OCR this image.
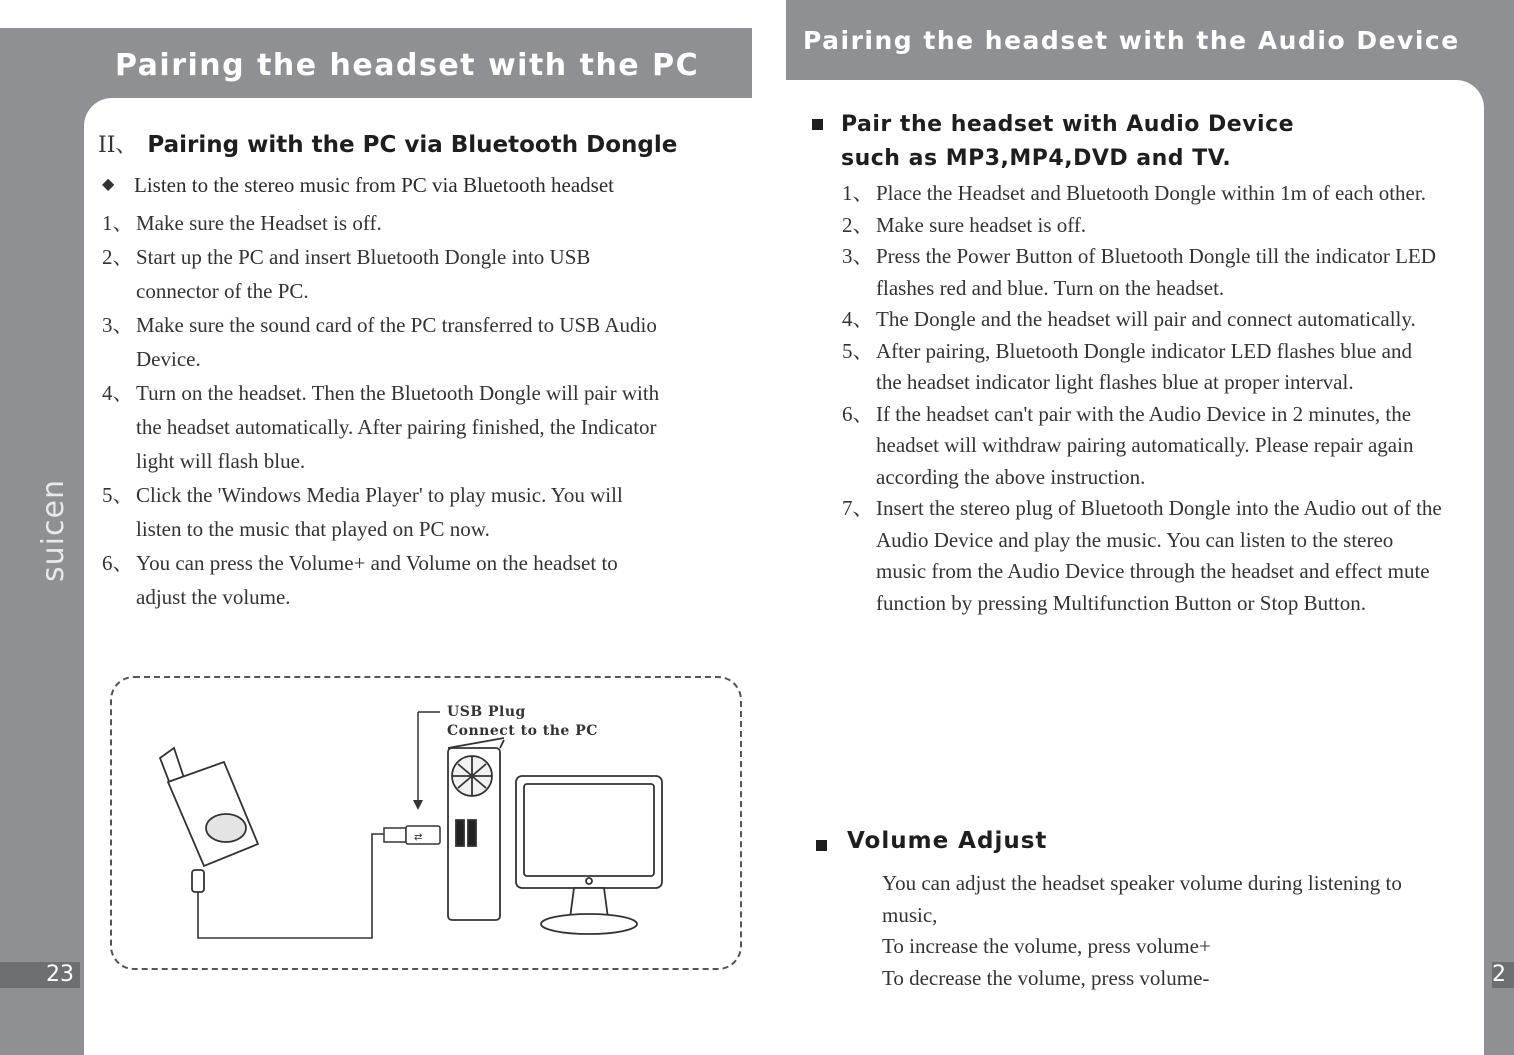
Pairing the headset with the PC
suicen
23
II、 Pairing with the PC via Bluetooth Dongle
◆ Listen to the stereo music from PC via Bluetooth headset
1、 Make sure the Headset is off.
2、 Start up the PC and insert Bluetooth Dongle into USB connector of the PC.
3、 Make sure the sound card of the PC transferred to USB Audio Device.
4、 Turn on the headset. Then the Bluetooth Dongle will pair with the headset automatically. After pairing finished, the Indicator light will flash blue.
5、 Click the 'Windows Media Player' to play music. You will listen to the music that played on PC now.
6、 You can press the Volume+ and Volume on the headset to adjust the volume.
USB Plug
Connect to the PC
⇄
Pairing the headset with the Audio Device
2
Pair the headset with Audio Device
such as MP3,MP4,DVD and TV.
1、 Place the Headset and Bluetooth Dongle within 1m of each other.
2、 Make sure headset is off.
3、 Press the Power Button of Bluetooth Dongle till the indicator LED flashes red and blue. Turn on the headset.
4、 The Dongle and the headset will pair and connect automatically.
5、 After pairing, Bluetooth Dongle indicator LED flashes blue and the headset indicator light flashes blue at proper interval.
6、 If the headset can't pair with the Audio Device in 2 minutes, the headset will withdraw pairing automatically. Please repair again according the above instruction.
7、 Insert the stereo plug of Bluetooth Dongle into the Audio out of the Audio Device and play the music. You can listen to the stereo music from the Audio Device through the headset and effect mute function by pressing Multifunction Button or Stop Button.
Volume Adjust
You can adjust the headset speaker volume during listening to music,
To increase the volume, press volume+
To decrease the volume, press volume-
